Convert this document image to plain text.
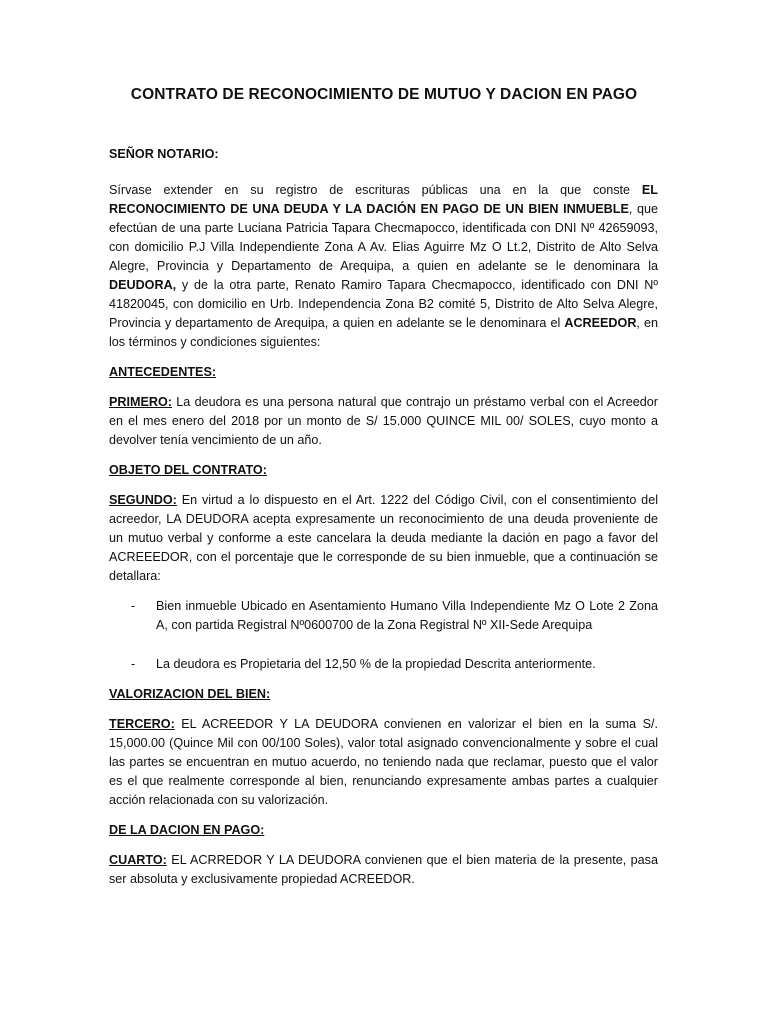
CONTRATO DE RECONOCIMIENTO DE MUTUO Y DACION EN PAGO

SEÑOR NOTARIO:

Sírvase extender en su registro de escrituras públicas una en la que conste EL RECONOCIMIENTO DE UNA DEUDA Y LA DACIÓN EN PAGO DE UN BIEN INMUEBLE, que efectúan de una parte Luciana Patricia Tapara Checmapocco, identificada con DNI Nº 42659093, con domicilio P.J Villa Independiente Zona A Av. Elias Aguirre Mz O Lt.2, Distrito de Alto Selva Alegre, Provincia y Departamento de Arequipa, a quien en adelante se le denominara la DEUDORA, y de la otra parte, Renato Ramiro Tapara Checmapocco, identificado con DNI Nº 41820045, con domicilio en Urb. Independencia Zona B2 comité 5, Distrito de Alto Selva Alegre, Provincia y departamento de Arequipa, a quien en adelante se le denominara el ACREEDOR, en los términos y condiciones siguientes:

ANTECEDENTES:

PRIMERO: La deudora es una persona natural que contrajo un préstamo verbal con el Acreedor en el mes enero del 2018 por un monto de S/ 15.000 QUINCE MIL 00/ SOLES, cuyo monto a devolver tenía vencimiento de un año.

OBJETO DEL CONTRATO:

SEGUNDO: En virtud a lo dispuesto en el Art. 1222 del Código Civil, con el consentimiento del acreedor, LA DEUDORA acepta expresamente un reconocimiento de una deuda proveniente de un mutuo verbal y conforme a este cancelara la deuda mediante la dación en pago a favor del ACREEEDOR, con el porcentaje que le corresponde de su bien inmueble, que a continuación se detallara:

- Bien inmueble Ubicado en Asentamiento Humano Villa Independiente Mz O Lote 2 Zona A, con partida Registral Nº0600700 de la Zona Registral Nº XII-Sede Arequipa
- La deudora es Propietaria del 12,50 % de la propiedad Descrita anteriormente.

VALORIZACION DEL BIEN:

TERCERO: EL ACREEDOR Y LA DEUDORA convienen en valorizar el bien en la suma S/. 15,000.00 (Quince Mil con 00/100 Soles), valor total asignado convencionalmente y sobre el cual las partes se encuentran en mutuo acuerdo, no teniendo nada que reclamar, puesto que el valor es el que realmente corresponde al bien, renunciando expresamente ambas partes a cualquier acción relacionada con su valorización.

DE LA DACION EN PAGO:

CUARTO: EL ACRREDOR Y LA DEUDORA convienen que el bien materia de la presente, pasa ser absoluta y exclusivamente propiedad ACREEDOR.
